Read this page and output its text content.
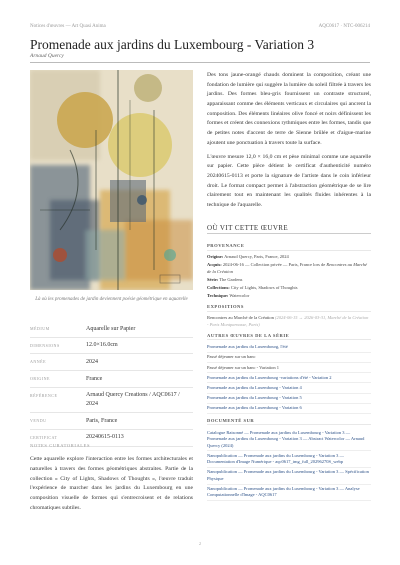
Notices d'œuvres — Art Quasi Anima	AQC0617 · NTC-006214
Promenade aux jardins du Luxembourg - Variation 3
Arnaud Quercy
Là où les promenades de jardin deviennent poésie géométrique en aquarelle
MÉDIUM	Aquarelle sur Papier
DIMENSIONS	12.0×16.0cm
ANNÉE	2024
ORIGINE	France
RÉFÉRENCE	Arnaud Quercy Creations / AQC0617 / 2024
VENDU	Paris, France
CERTIFICAT	20240615-0113
NOTES CURATORIALES
Cette aquarelle explore l'interaction entre les formes architecturales et naturelles à travers des formes géométriques abstraites. Partie de la collection « City of Lights, Shadows of Thoughts », l'œuvre traduit l'expérience de marcher dans les jardins du Luxembourg en une composition visuelle de formes qui s'entrecroisent et de relations chromatiques subtiles.

Des tons jaune-orangé chauds dominent la composition, créant une fondation de lumière qui suggère la lumière du soleil filtrée à travers les jardins. Des formes bleu-gris fournissent un contraste structurel, apparaissant comme des éléments verticaux et circulaires qui ancrent la composition. Des éléments linéaires olive foncé et noirs définissent les formes et créent des connexions rythmiques entre les formes, tandis que de petites notes d'accent de terre de Sienne brûlée et d'aigue-marine ajoutent une ponctuation à travers toute la surface.

L'œuvre mesure 12,0 × 16,0 cm et pèse minimal comme une aquarelle sur papier. Cette pièce détient le certificat d'authenticité numéro 20240615-0113 et porte la signature de l'artiste dans le coin inférieur droit. Le format compact permet à l'abstraction géométrique de se lire clairement tout en maintenant les qualités fluides inhérentes à la technique de l'aquarelle.

OÙ VIT CETTE ŒUVRE
PROVENANCE
Origine: Arnaud Quercy, Paris, France, 2024
Acquis: 2024-06-16 — Collection privée — Paris, France lors de Rencontres au Marché de la Création
Série: The Gardens
Collections: City of Lights, Shadows of Thoughts
Technique: Watercolor
EXPOSITIONS
Rencontres au Marché de la Création (2024-06-15 → 2026-03-31, Marché de la Création - Paris Montparnasse, Paris)
AUTRES ŒUVRES DE LA SÉRIE
Promenade aux jardins du Luxembourg, l'été
Passé déjeuner sur un banc
Passé déjeuner sur un banc - Variation 1
Promenade aux jardins du Luxembourg -variations d'été - Variation 2
Promenade aux jardins du Luxembourg - Variation 4
Promenade aux jardins du Luxembourg - Variation 5
Promenade aux jardins du Luxembourg - Variation 6
DOCUMENTÉ SUR
Catalogue Raisonné — Promenade aux jardins du Luxembourg - Variation 3 — Promenade aux jardins du Luxembourg - Variation 3 — Abstract Watercolor — Arnaud Quercy (2024)
Nanopublication — Promenade aux jardins du Luxembourg - Variation 3 — Documentation d'Image Numérique - aqc0617_img_full_20296270S_webp
Nanopublication — Promenade aux jardins du Luxembourg - Variation 3 — Spécification Physique
Nanopublication — Promenade aux jardins du Luxembourg - Variation 3 — Analyse Computationnelle d'Image - AQC0617
2
